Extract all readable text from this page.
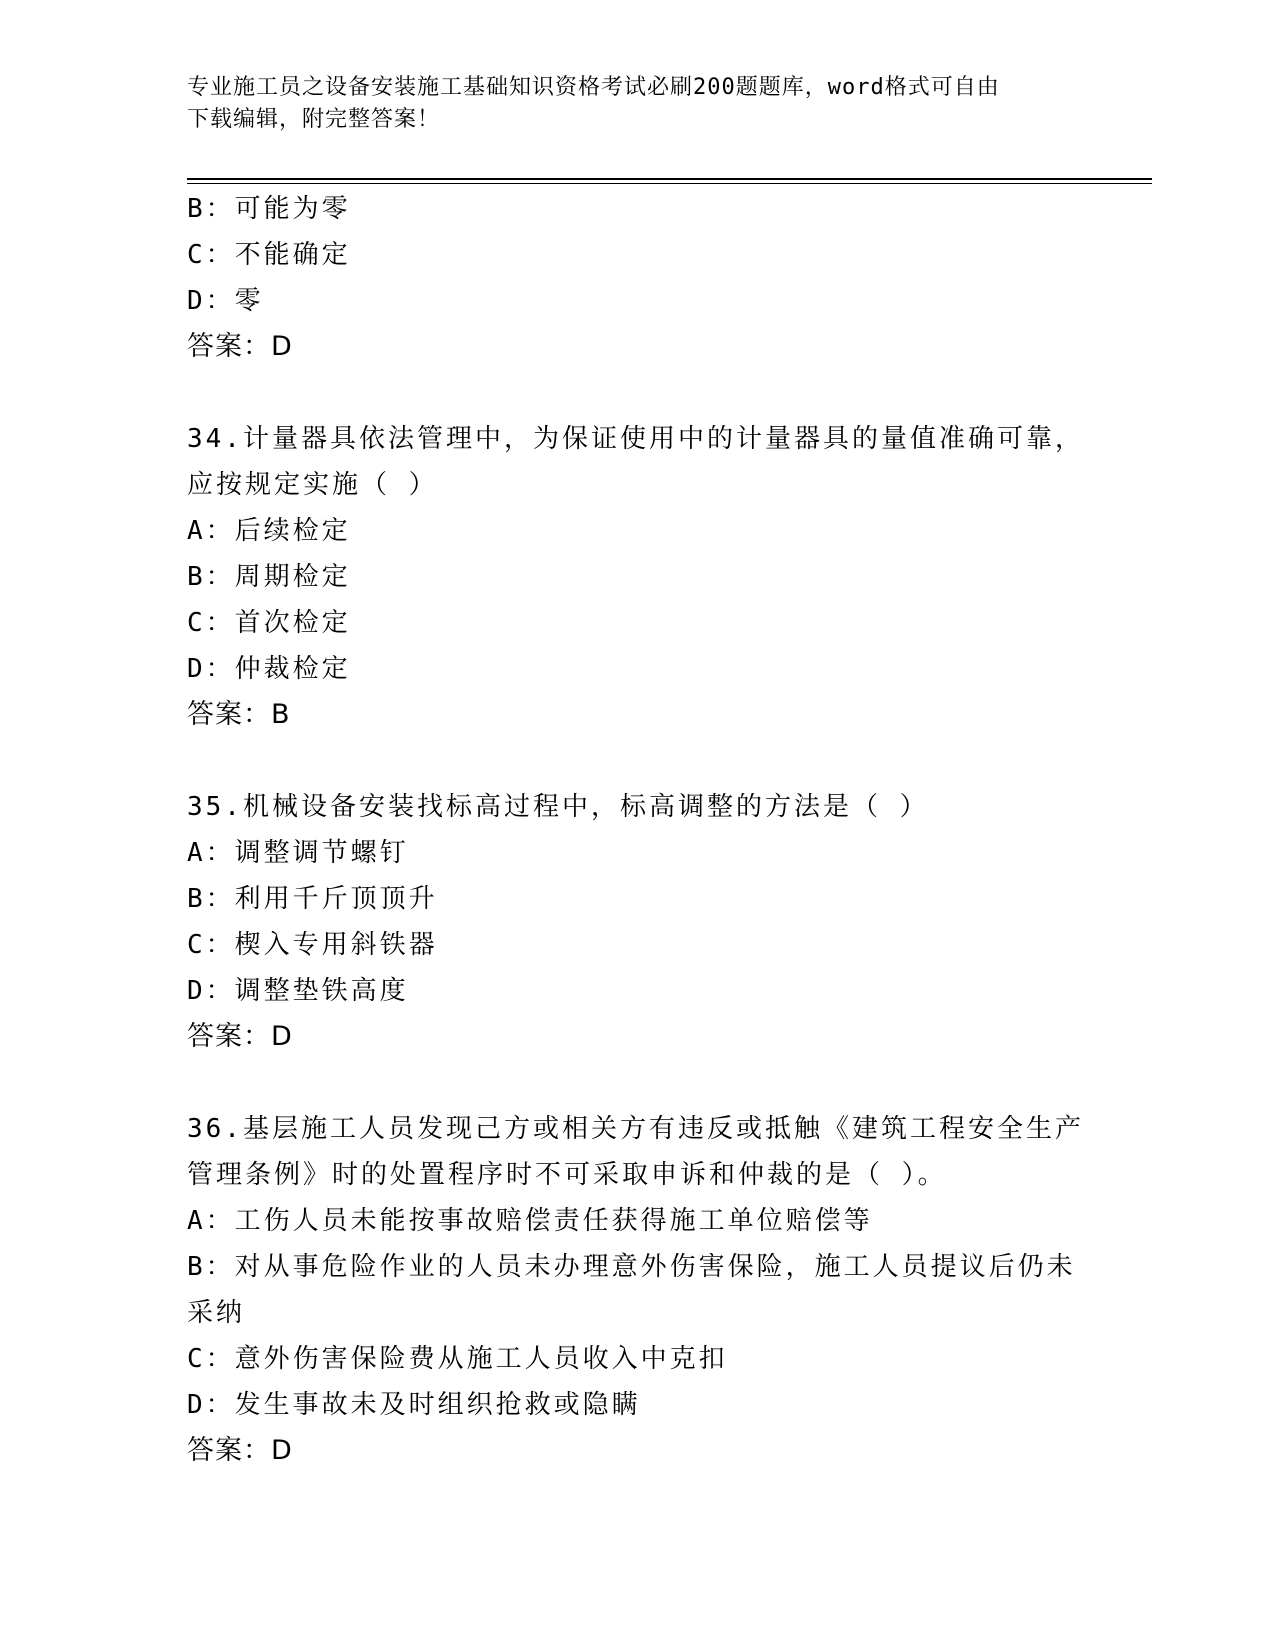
专业施工员之设备安装施工基础知识资格考试必刷200题题库，word格式可自由
下载编辑，附完整答案！
B：可能为零
C：不能确定
D：零
答案：D
34.计量器具依法管理中，为保证使用中的计量器具的量值准确可靠，
应按规定实施（ ）
A：后续检定
B：周期检定
C：首次检定
D：仲裁检定
答案：B
35.机械设备安装找标高过程中，标高调整的方法是（ ）
A：调整调节螺钉
B：利用千斤顶顶升
C：楔入专用斜铁器
D：调整垫铁高度
答案：D
36.基层施工人员发现己方或相关方有违反或抵触《建筑工程安全生产
管理条例》时的处置程序时不可采取申诉和仲裁的是（ ）。
A：工伤人员未能按事故赔偿责任获得施工单位赔偿等
B：对从事危险作业的人员未办理意外伤害保险，施工人员提议后仍未
采纳
C：意外伤害保险费从施工人员收入中克扣
D：发生事故未及时组织抢救或隐瞒
答案：D
